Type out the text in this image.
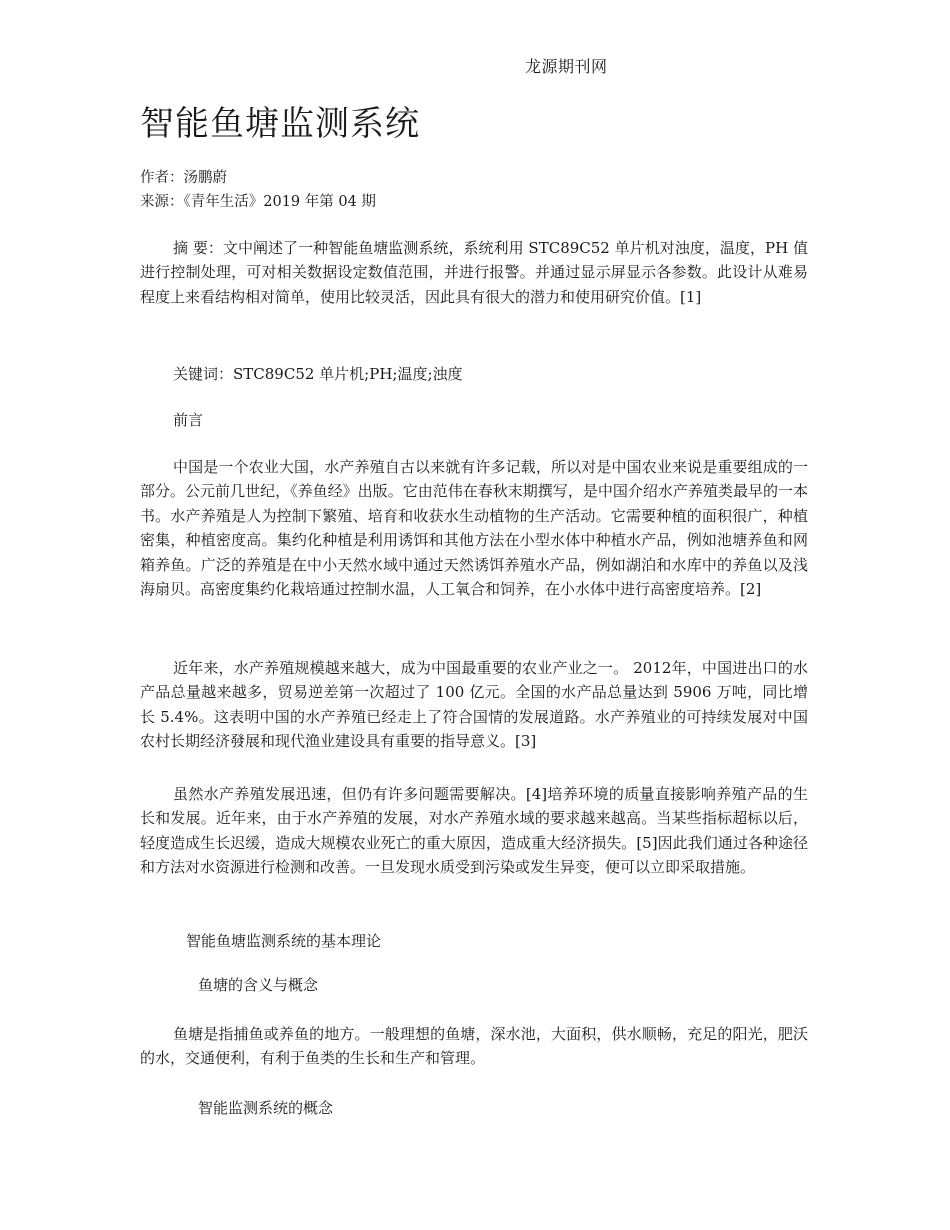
龙源期刊网
智能鱼塘监测系统
作者：汤鹏蔚
来源：《青年生活》2019 年第 04 期

摘 要：文中阐述了一种智能鱼塘监测系统，系统利用 STC89C52 单片机对浊度，温度，PH 值进行控制处理，可对相关数据设定数值范围，并进行报警。并通过显示屏显示各参数。此设计从难易程度上来看结构相对简单，使用比较灵活，因此具有很大的潜力和使用研究价值。[1]

关键词：STC89C52 单片机;PH;温度;浊度

前言

中国是一个农业大国，水产养殖自古以来就有许多记载，所以对是中国农业来说是重要组成的一部分。公元前几世纪，《养鱼经》出版。它由范伟在春秋末期撰写，是中国介绍水产养殖类最早的一本书。水产养殖是人为控制下繁殖、培育和收获水生动植物的生产活动。它需要种植的面积很广，种植密集，种植密度高。集约化种植是利用诱饵和其他方法在小型水体中种植水产品，例如池塘养鱼和网箱养鱼。广泛的养殖是在中小天然水域中通过天然诱饵养殖水产品，例如湖泊和水库中的养鱼以及浅海扇贝。高密度集约化栽培通过控制水温，人工氧合和饲养，在小水体中进行高密度培养。[2]

近年来，水产养殖规模越来越大，成为中国最重要的农业产业之一。 2012年，中国进出口的水产品总量越来越多，贸易逆差第一次超过了 100 亿元。全国的水产品总量达到 5906 万吨，同比增长 5.4%。这表明中国的水产养殖已经走上了符合国情的发展道路。水产养殖业的可持续发展对中国农村长期经济發展和现代渔业建设具有重要的指导意义。[3]

虽然水产养殖发展迅速，但仍有许多问题需要解决。[4]培养环境的质量直接影响养殖产品的生长和发展。近年来，由于水产养殖的发展，对水产养殖水域的要求越来越高。当某些指标超标以后，轻度造成生长迟缓，造成大规模农业死亡的重大原因，造成重大经济损失。[5]因此我们通过各种途径和方法对水资源进行检测和改善。一旦发现水质受到污染或发生异变，便可以立即采取措施。

智能鱼塘监测系统的基本理论

鱼塘的含义与概念

鱼塘是指捕鱼或养鱼的地方。一般理想的鱼塘，深水池，大面积，供水顺畅，充足的阳光，肥沃的水，交通便利，有利于鱼类的生长和生产和管理。

智能监测系统的概念
